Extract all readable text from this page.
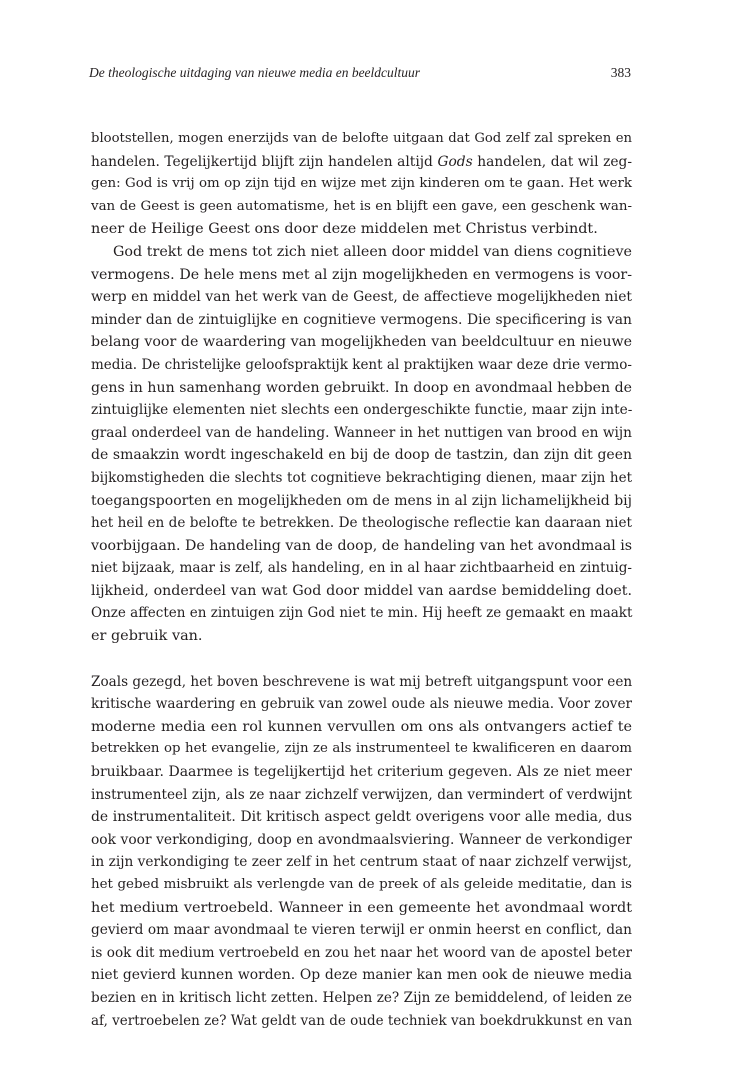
De theologische uitdaging van nieuwe media en beeldcultuur	383
blootstellen, mogen enerzijds van de belofte uitgaan dat God zelf zal spreken en
handelen. Tegelijkertijd blijft zijn handelen altijd Gods handelen, dat wil zeg-
gen: God is vrij om op zijn tijd en wijze met zijn kinderen om te gaan. Het werk
van de Geest is geen automatisme, het is en blijft een gave, een geschenk wan-
neer de Heilige Geest ons door deze middelen met Christus verbindt.
God trekt de mens tot zich niet alleen door middel van diens cognitieve
vermogens. De hele mens met al zijn mogelijkheden en vermogens is voor-
werp en middel van het werk van de Geest, de affectieve mogelijkheden niet
minder dan de zintuiglijke en cognitieve vermogens. Die specificering is van
belang voor de waardering van mogelijkheden van beeldcultuur en nieuwe
media. De christelijke geloofspraktijk kent al praktijken waar deze drie vermo-
gens in hun samenhang worden gebruikt. In doop en avondmaal hebben de
zintuiglijke elementen niet slechts een ondergeschikte functie, maar zijn inte-
graal onderdeel van de handeling. Wanneer in het nuttigen van brood en wijn
de smaakzin wordt ingeschakeld en bij de doop de tastzin, dan zijn dit geen
bijkomstigheden die slechts tot cognitieve bekrachtiging dienen, maar zijn het
toegangspoorten en mogelijkheden om de mens in al zijn lichamelijkheid bij
het heil en de belofte te betrekken. De theologische reflectie kan daaraan niet
voorbijgaan. De handeling van de doop, de handeling van het avondmaal is
niet bijzaak, maar is zelf, als handeling, en in al haar zichtbaarheid en zintuig-
lijkheid, onderdeel van wat God door middel van aardse bemiddeling doet.
Onze affecten en zintuigen zijn God niet te min. Hij heeft ze gemaakt en maakt
er gebruik van.
Zoals gezegd, het boven beschrevene is wat mij betreft uitgangspunt voor een
kritische waardering en gebruik van zowel oude als nieuwe media. Voor zover
moderne media een rol kunnen vervullen om ons als ontvangers actief te
betrekken op het evangelie, zijn ze als instrumenteel te kwalificeren en daarom
bruikbaar. Daarmee is tegelijkertijd het criterium gegeven. Als ze niet meer
instrumenteel zijn, als ze naar zichzelf verwijzen, dan vermindert of verdwijnt
de instrumentaliteit. Dit kritisch aspect geldt overigens voor alle media, dus
ook voor verkondiging, doop en avondmaalsviering. Wanneer de verkondiger
in zijn verkondiging te zeer zelf in het centrum staat of naar zichzelf verwijst,
het gebed misbruikt als verlengde van de preek of als geleide meditatie, dan is
het medium vertroebeld. Wanneer in een gemeente het avondmaal wordt
gevierd om maar avondmaal te vieren terwijl er onmin heerst en conflict, dan
is ook dit medium vertroebeld en zou het naar het woord van de apostel beter
niet gevierd kunnen worden. Op deze manier kan men ook de nieuwe media
bezien en in kritisch licht zetten. Helpen ze? Zijn ze bemiddelend, of leiden ze
af, vertroebelen ze? Wat geldt van de oude techniek van boekdrukkunst en van
